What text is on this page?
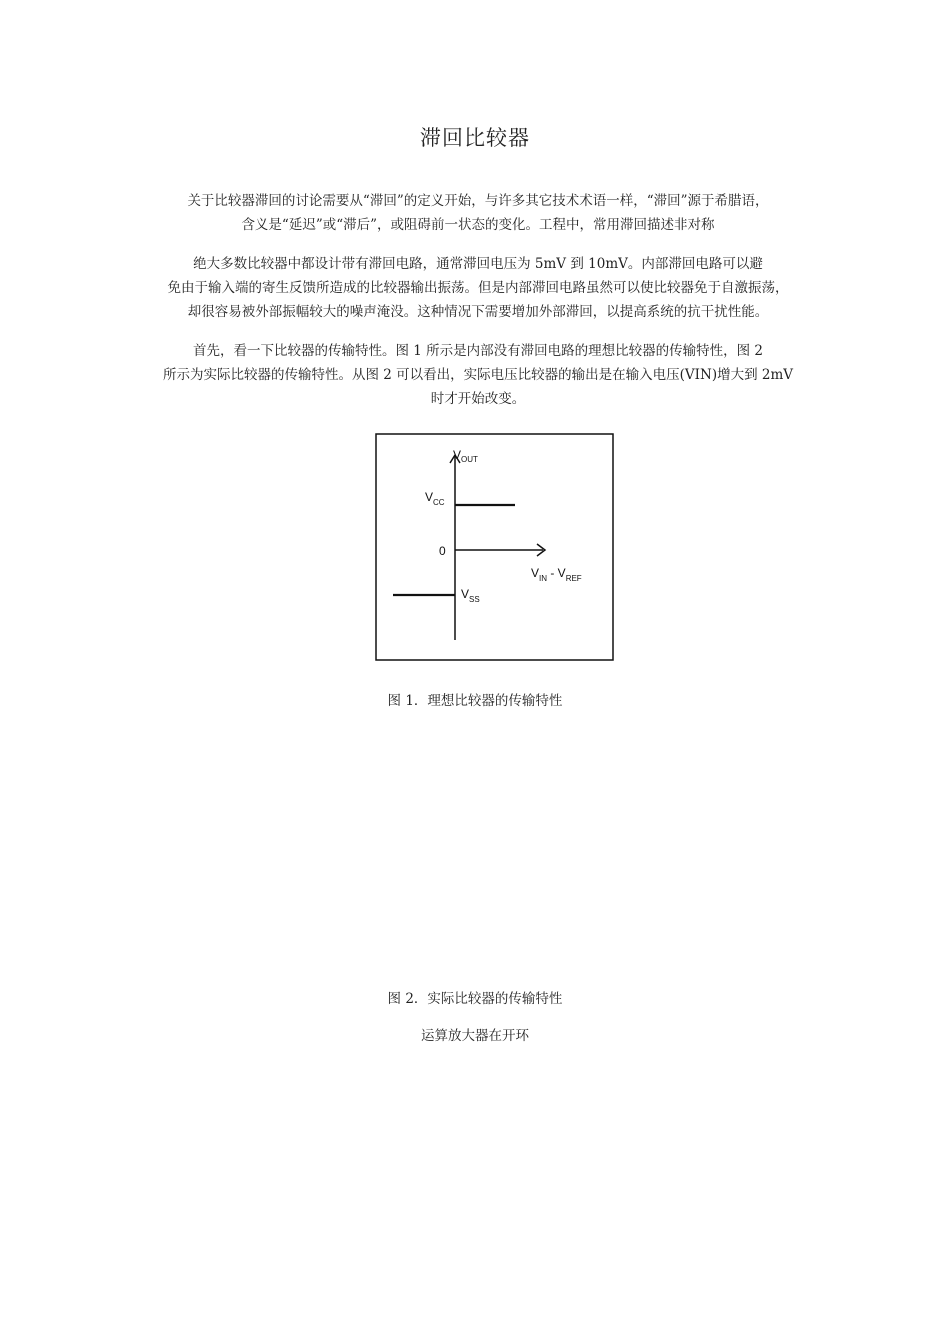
滞回比较器
关于比较器滞回的讨论需要从“滞回”的定义开始，与许多其它技术术语一样，“滞回”源于希腊语，
含义是“延迟”或“滞后”，或阻碍前一状态的变化。工程中，常用滞回描述非对称
绝大多数比较器中都设计带有滞回电路，通常滞回电压为 5mV 到 10mV。内部滞回电路可以避
免由于输入端的寄生反馈所造成的比较器输出振荡。但是内部滞回电路虽然可以使比较器免于自激振荡，
却很容易被外部振幅较大的噪声淹没。这种情况下需要增加外部滞回，以提高系统的抗干扰性能。
首先，看一下比较器的传输特性。图 1 所示是内部没有滞回电路的理想比较器的传输特性，图 2
所示为实际比较器的传输特性。从图 2 可以看出，实际电压比较器的输出是在输入电压(VIN)增大到 2mV
时才开始改变。
$V_{OUT}$
$V_{CC}$
0
$V_{IN} - V_{REF}$
$V_{SS}$
图 1．理想比较器的传输特性
图 2．实际比较器的传输特性
运算放大器在开环
